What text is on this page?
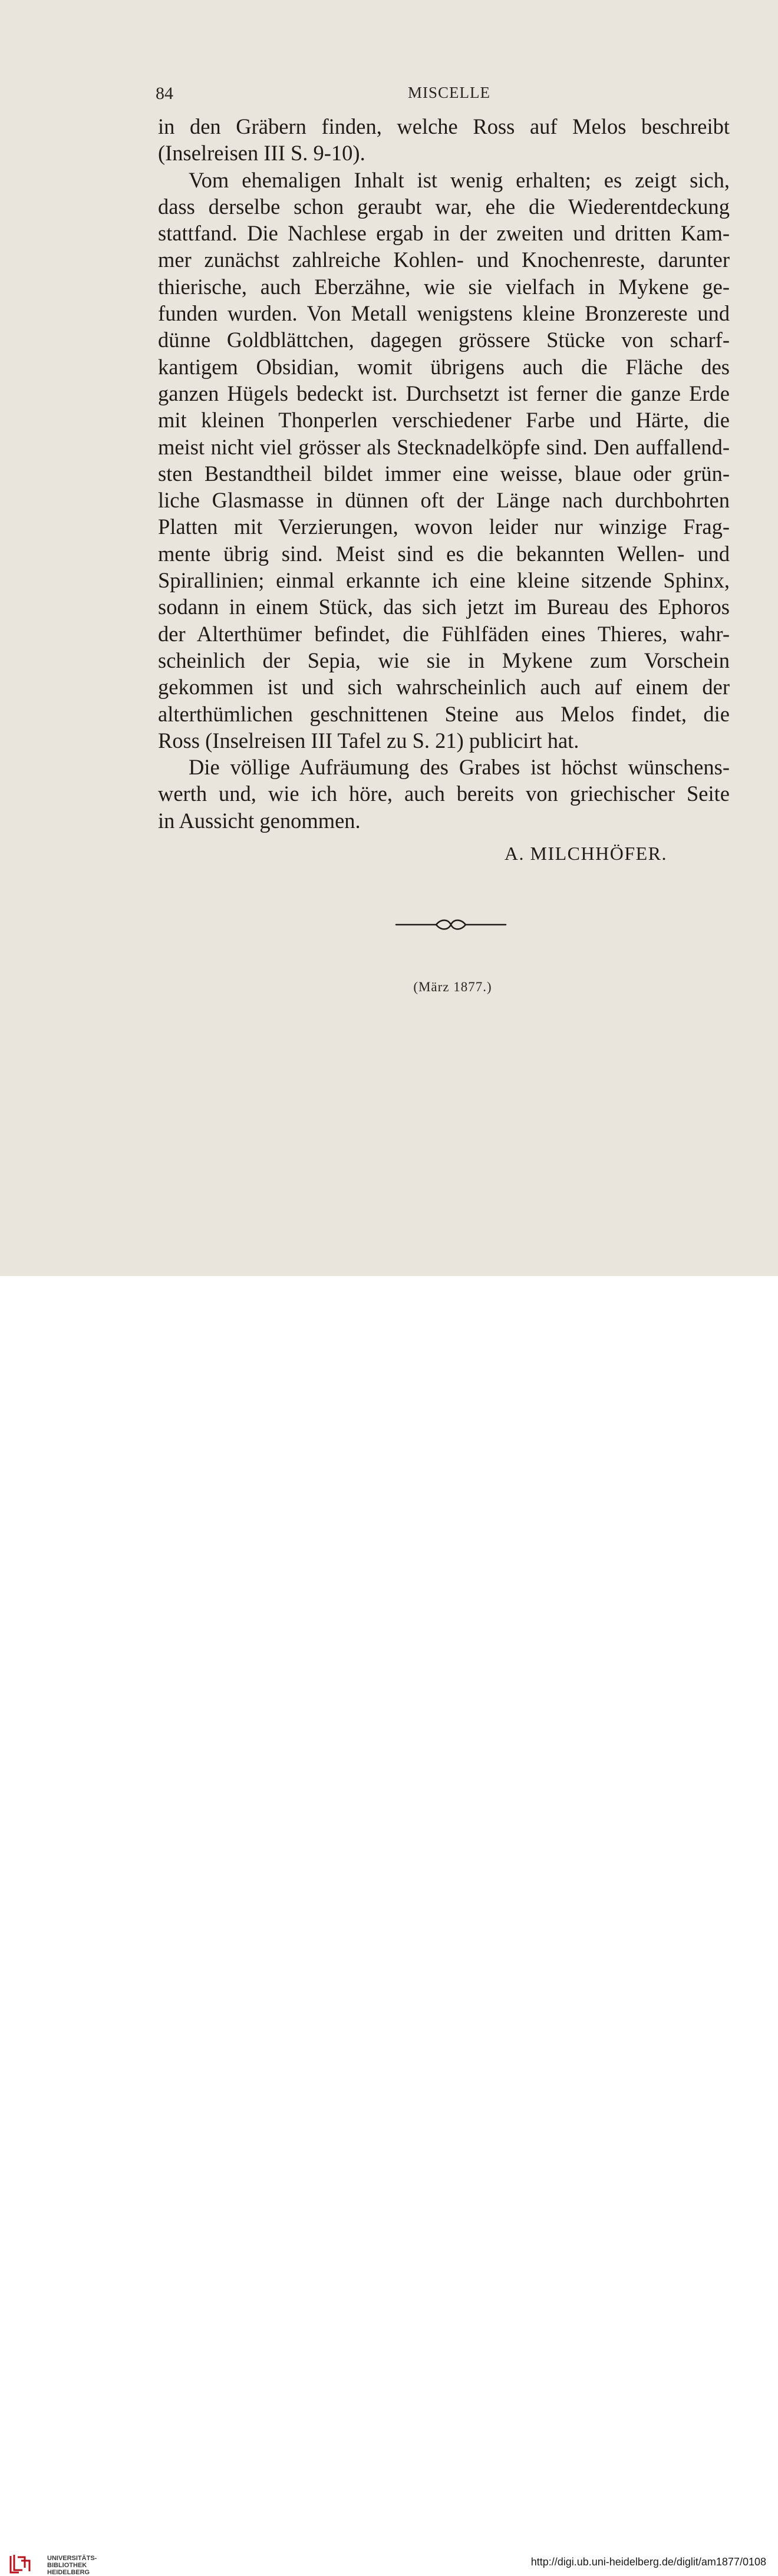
84	MISCELLE
in den Gräbern finden, welche Ross auf Melos beschreibt
(Inselreisen III S. 9-10).
Vom ehemaligen Inhalt ist wenig erhalten; es zeigt sich,
dass derselbe schon geraubt war, ehe die Wiederentdeckung
stattfand. Die Nachlese ergab in der zweiten und dritten Kam-
mer zunächst zahlreiche Kohlen- und Knochenreste, darunter
thierische, auch Eberzähne, wie sie vielfach in Mykene ge-
funden wurden. Von Metall wenigstens kleine Bronzereste und
dünne Goldblättchen, dagegen grössere Stücke von scharf-
kantigem Obsidian, womit übrigens auch die Fläche des
ganzen Hügels bedeckt ist. Durchsetzt ist ferner die ganze Erde
mit kleinen Thonperlen verschiedener Farbe und Härte, die
meist nicht viel grösser als Stecknadelköpfe sind. Den auffallend-
sten Bestandtheil bildet immer eine weisse, blaue oder grün-
liche Glasmasse in dünnen oft der Länge nach durchbohrten
Platten mit Verzierungen, wovon leider nur winzige Frag-
mente übrig sind. Meist sind es die bekannten Wellen- und
Spirallinien; einmal erkannte ich eine kleine sitzende Sphinx,
sodann in einem Stück, das sich jetzt im Bureau des Ephoros
der Alterthümer befindet, die Fühlfäden eines Thieres, wahr-
scheinlich der Sepia, wie sie in Mykene zum Vorschein
gekommen ist und sich wahrscheinlich auch auf einem der
alterthümlichen geschnittenen Steine aus Melos findet, die
Ross (Inselreisen III Tafel zu S. 21) publicirt hat.
Die völlige Aufräumung des Grabes ist höchst wünschens-
werth und, wie ich höre, auch bereits von griechischer Seite
in Aussicht genommen.
A. MILCHHÖFER.
(März 1877.)
UNIVERSITÄTS-
BIBLIOTHEK
HEIDELBERG
http://digi.ub.uni-heidelberg.de/diglit/am1877/0108
